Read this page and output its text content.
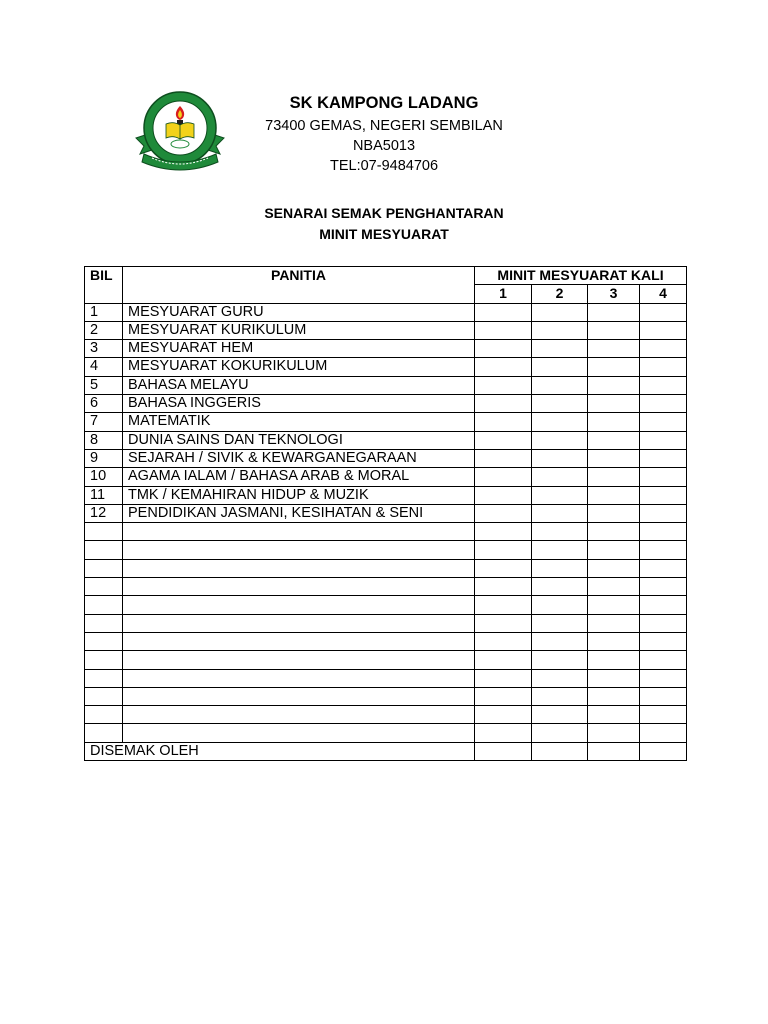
SK KAMPONG LADANG
73400 GEMAS, NEGERI SEMBILAN
NBA5013
TEL:07-9484706
SENARAI SEMAK PENGHANTARAN
MINIT MESYUARAT
BIL	PANITIA	MINIT MESYUARAT KALI			
		1	2	3	4
1	MESYUARAT GURU				
2	MESYUARAT KURIKULUM				
3	MESYUARAT HEM				
4	MESYUARAT KOKURIKULUM				
5	BAHASA MELAYU				
6	BAHASA INGGERIS				
7	MATEMATIK				
8	DUNIA SAINS DAN TEKNOLOGI				
9	SEJARAH / SIVIK & KEWARGANEGARAAN				
10	AGAMA IALAM / BAHASA ARAB & MORAL				
11	TMK / KEMAHIRAN HIDUP & MUZIK				
12	PENDIDIKAN JASMANI, KESIHATAN & SENI				

DISEMAK OLEH					
